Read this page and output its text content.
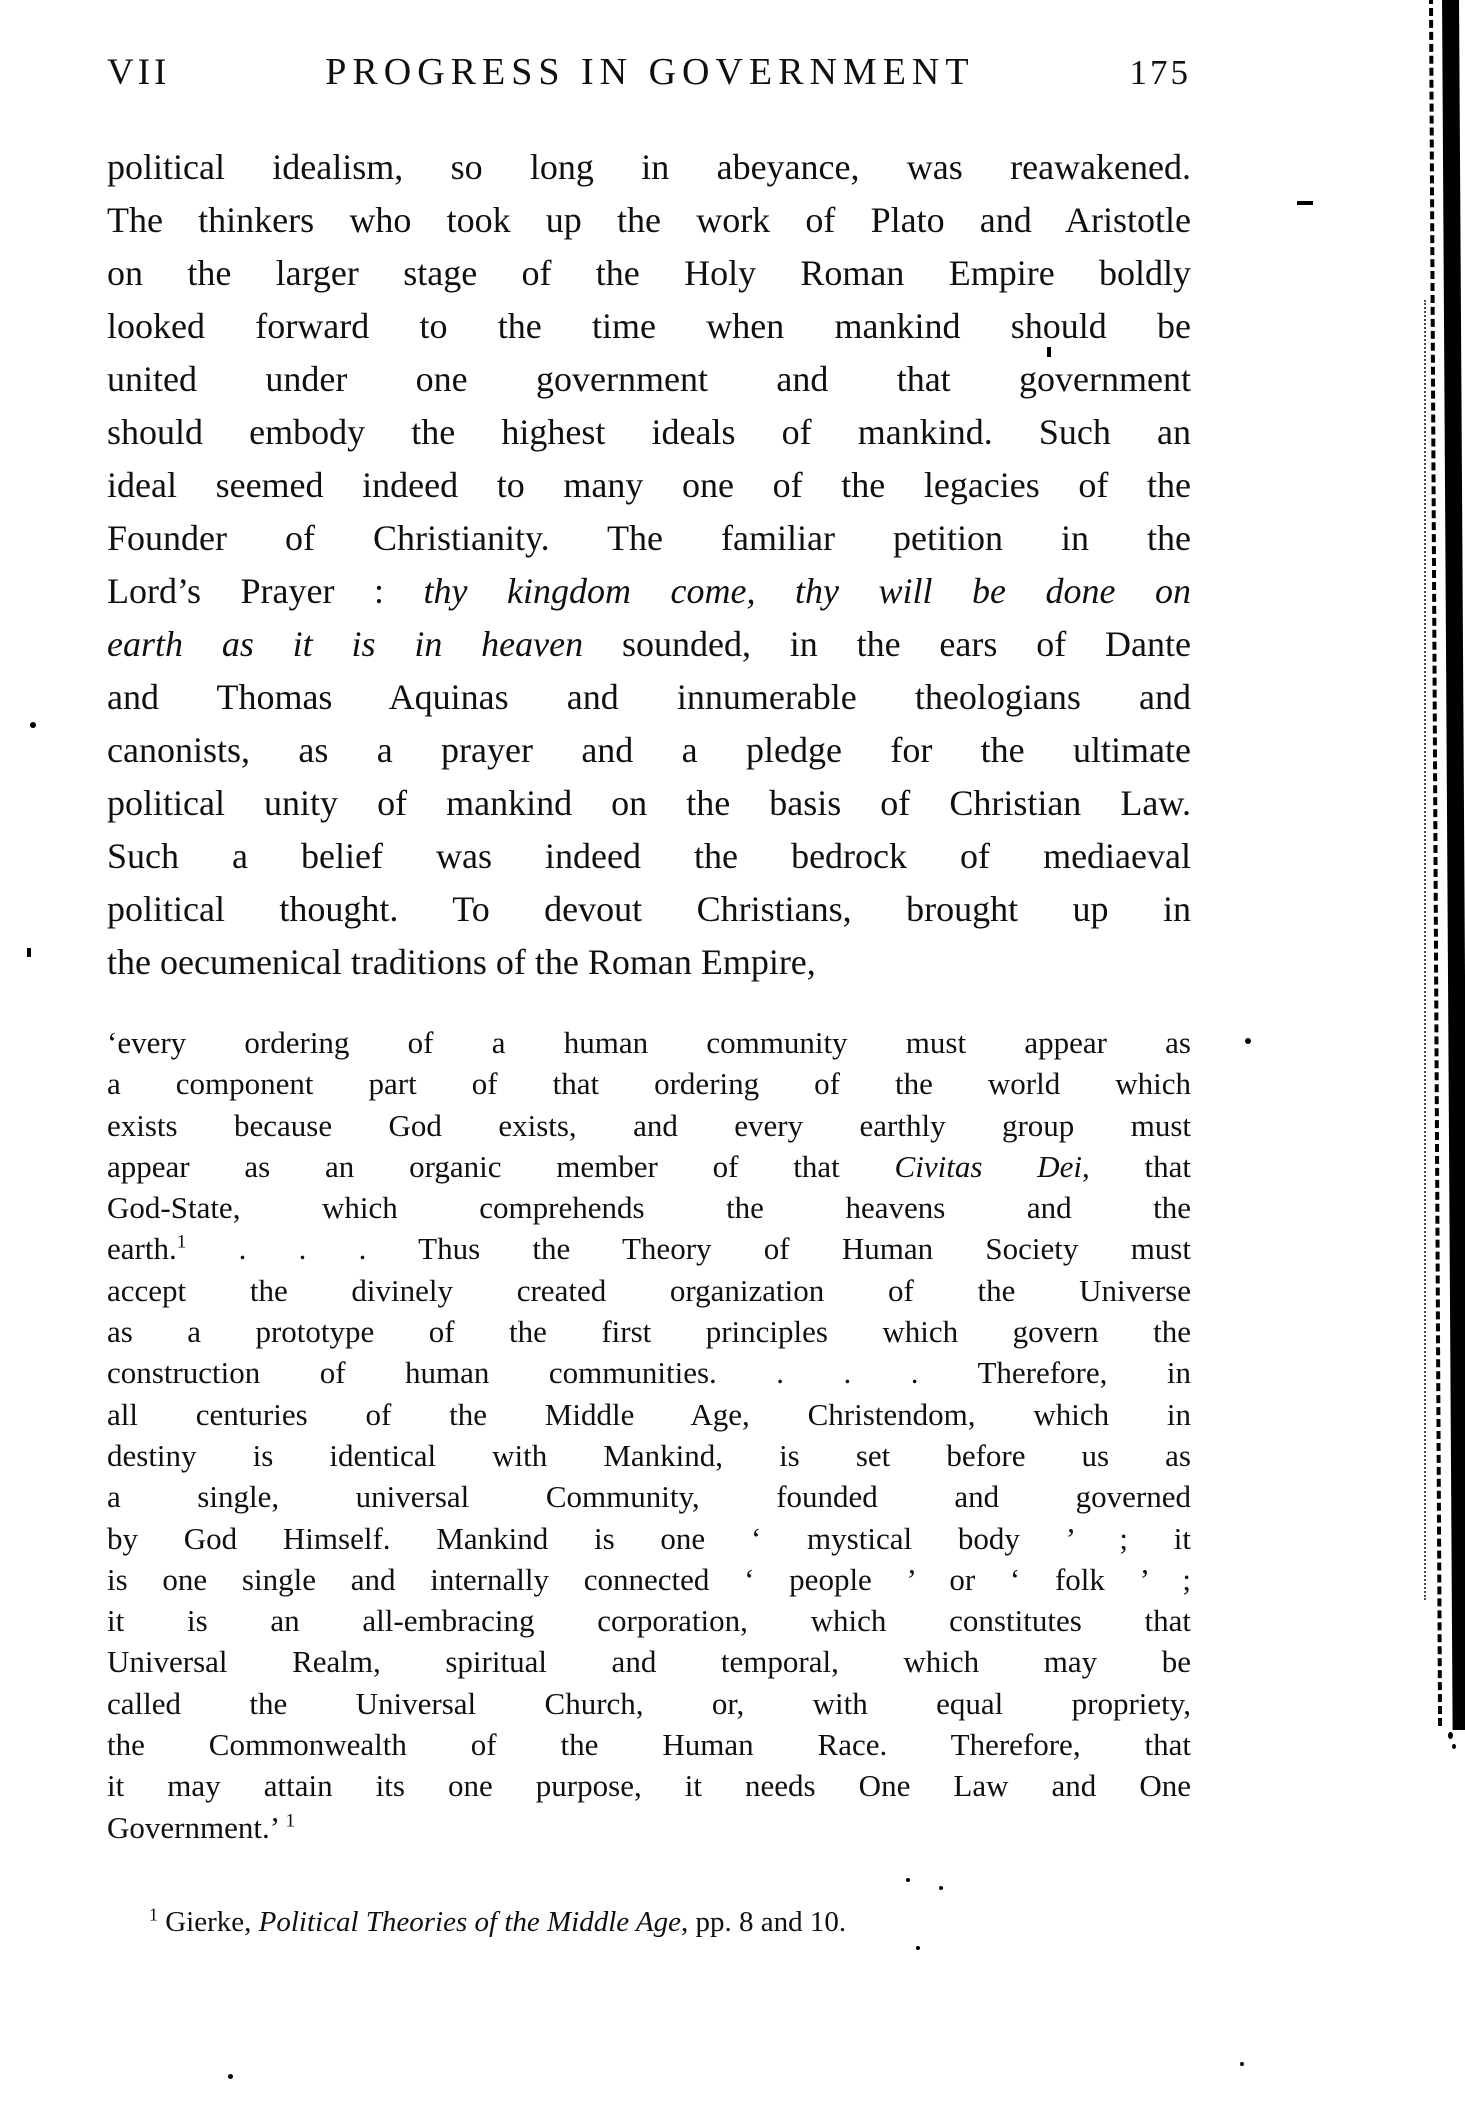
VII	PROGRESS IN GOVERNMENT	175
political idealism, so long in abeyance, was reawakened.
The thinkers who took up the work of Plato and Aristotle
on the larger stage of the Holy Roman Empire boldly
looked forward to the time when mankind should be
united under one government and that government
should embody the highest ideals of mankind. Such an
ideal seemed indeed to many one of the legacies of the
Founder of Christianity. The familiar petition in the
Lord’s Prayer : thy kingdom come, thy will be done on
earth as it is in heaven sounded, in the ears of Dante
and Thomas Aquinas and innumerable theologians and
canonists, as a prayer and a pledge for the ultimate
political unity of mankind on the basis of Christian Law.
Such a belief was indeed the bedrock of mediaeval
political thought. To devout Christians, brought up in
the oecumenical traditions of the Roman Empire,
‘every ordering of a human community must appear as
a component part of that ordering of the world which
exists because God exists, and every earthly group must
appear as an organic member of that Civitas Dei, that
God-State, which comprehends the heavens and the
earth.$^1$ . . . Thus the Theory of Human Society must
accept the divinely created organization of the Universe
as a prototype of the first principles which govern the
construction of human communities. . . . Therefore, in
all centuries of the Middle Age, Christendom, which in
destiny is identical with Mankind, is set before us as
a single, universal Community, founded and governed
by God Himself. Mankind is one ‘ mystical body ’ ; it
is one single and internally connected ‘ people ’ or ‘ folk ’ ;
it is an all-embracing corporation, which constitutes that
Universal Realm, spiritual and temporal, which may be
called the Universal Church, or, with equal propriety,
the Commonwealth of the Human Race. Therefore, that
it may attain its one purpose, it needs One Law and One
Government.’ $^1$
$^1$ Gierke, Political Theories of the Middle Age, pp. 8 and 10.
